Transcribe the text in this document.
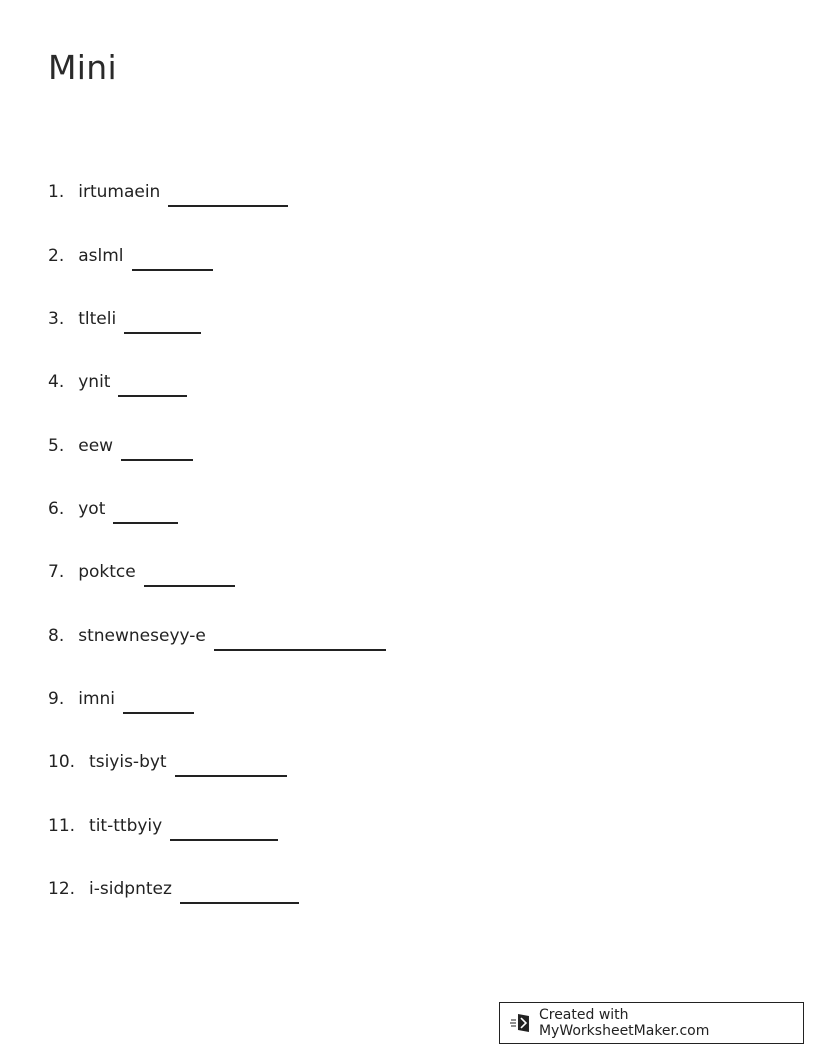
Mini
1. irtumaein
2. aslml
3. tlteli
4. ynit
5. eew
6. yot
7. poktce
8. stnewneseyy-e
9. imni
10. tsiyis-byt
11. tit-ttbyiy
12. i-sidpntez
Created with MyWorksheetMaker.com
